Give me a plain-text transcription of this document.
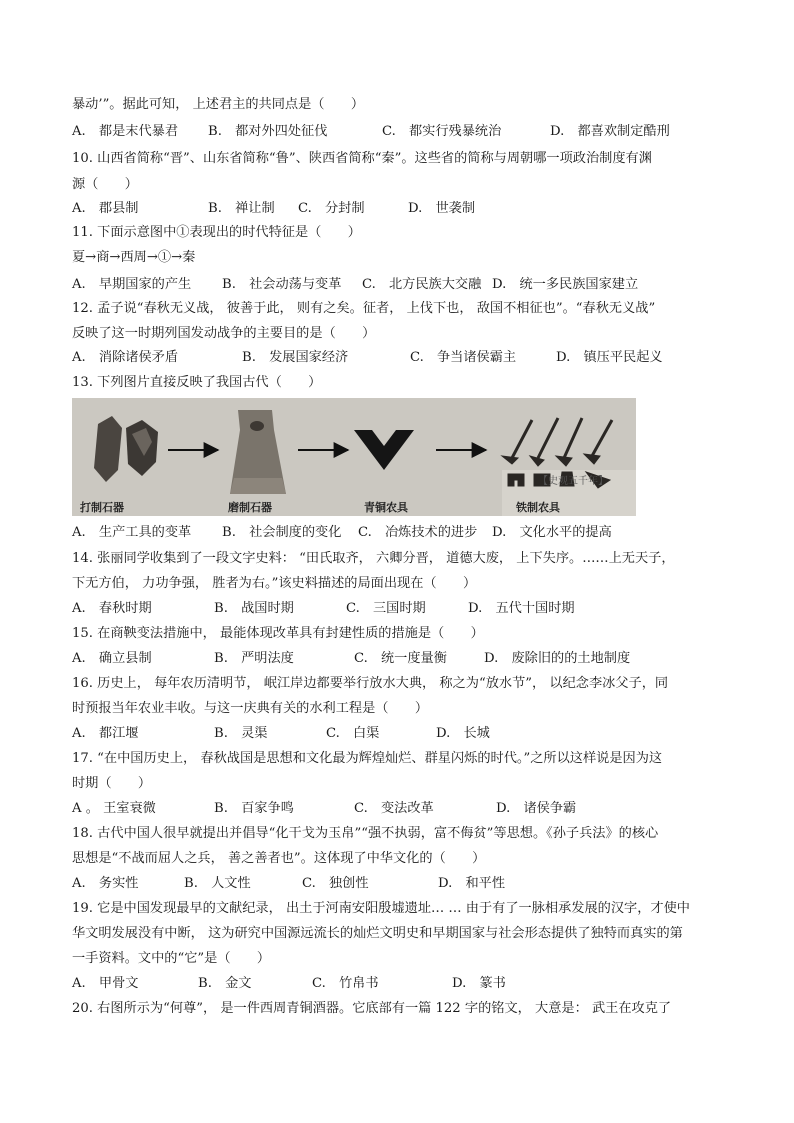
暴动’”。据此可知， 上述君主的共同点是（　　）
A.　都是末代暴君 B.　都对外四处征伐	C.　都实行残暴统治	D.　都喜欢制定酷刑
10. 山西省简称“晋”、山东省简称“鲁”、陕西省简称“秦”。这些省的简称与周朝哪一项政治制度有渊
源（　　）
A.　郡县制	B.　禅让制 C.　分封制	D.　世袭制
11. 下面示意图中①表现出的时代特征是（　　）
夏→商→西周→①→秦
A.　早期国家的产生 B.　社会动荡与变革 C.　北方民族大交融 D.　统一多民族国家建立
12. 孟子说“春秋无义战， 彼善于此， 则有之矣。征者， 上伐下也， 敌国不相征也”。“春秋无义战”
反映了这一时期列国发动战争的主要目的是（　　）
A.　消除诸侯矛盾	B.　发展国家经济	C.　争当诸侯霸主	D.　镇压平民起义
13. 下列图片直接反映了我国古代（　　）
打制石器	磨制石器	青铜农具	铁制农具
【史观五千年】
A.　生产工具的变革 B.　社会制度的变化 C.　冶炼技术的进步 D.　文化水平的提高
14. 张丽同学收集到了一段文字史料： “田氏取齐， 六卿分晋， 道德大废， 上下失序。……上无天子，
下无方伯， 力功争强， 胜者为右。”该史料描述的局面出现在（　　）
A.　春秋时期	B.　战国时期	C.　三国时期	D.　五代十国时期
15. 在商鞅变法措施中， 最能体现改革具有封建性质的措施是（　　）
A.　确立县制	B.　严明法度	C.　统一度量衡	D.　废除旧的的土地制度
16. 历史上， 每年农历清明节， 岷江岸边都要举行放水大典， 称之为“放水节”， 以纪念李冰父子，同
时预报当年农业丰收。与这一庆典有关的水利工程是（　　）
A.　都江堰	B.　灵渠	C.　白渠	D.　长城
17. “在中国历史上， 春秋战国是思想和文化最为辉煌灿烂、群星闪烁的时代。”之所以这样说是因为这
时期（　　）
A 。 王室衰微	B.　百家争鸣	C.　变法改革	D.　诸侯争霸
18. 古代中国人很早就提出并倡导“化干戈为玉帛”“强不执弱，富不侮贫”等思想。《孙子兵法》的核心
思想是“不战而屈人之兵， 善之善者也”。这体现了中华文化的（　　）
A.　务实性	B.　人文性	C.　独创性	D.　和平性
19. 它是中国发现最早的文献纪录， 出土于河南安阳殷墟遗址… … 由于有了一脉相承发展的汉字，才使中
华文明发展没有中断， 这为研究中国源远流长的灿烂文明史和早期国家与社会形态提供了独特而真实的第
一手资料。文中的“它”是（　　）
A.　甲骨文	B.　金文	C.　竹帛书	D.　篆书
20. 右图所示为“何尊”， 是一件西周青铜酒器。它底部有一篇 122 字的铭文， 大意是： 武王在攻克了
